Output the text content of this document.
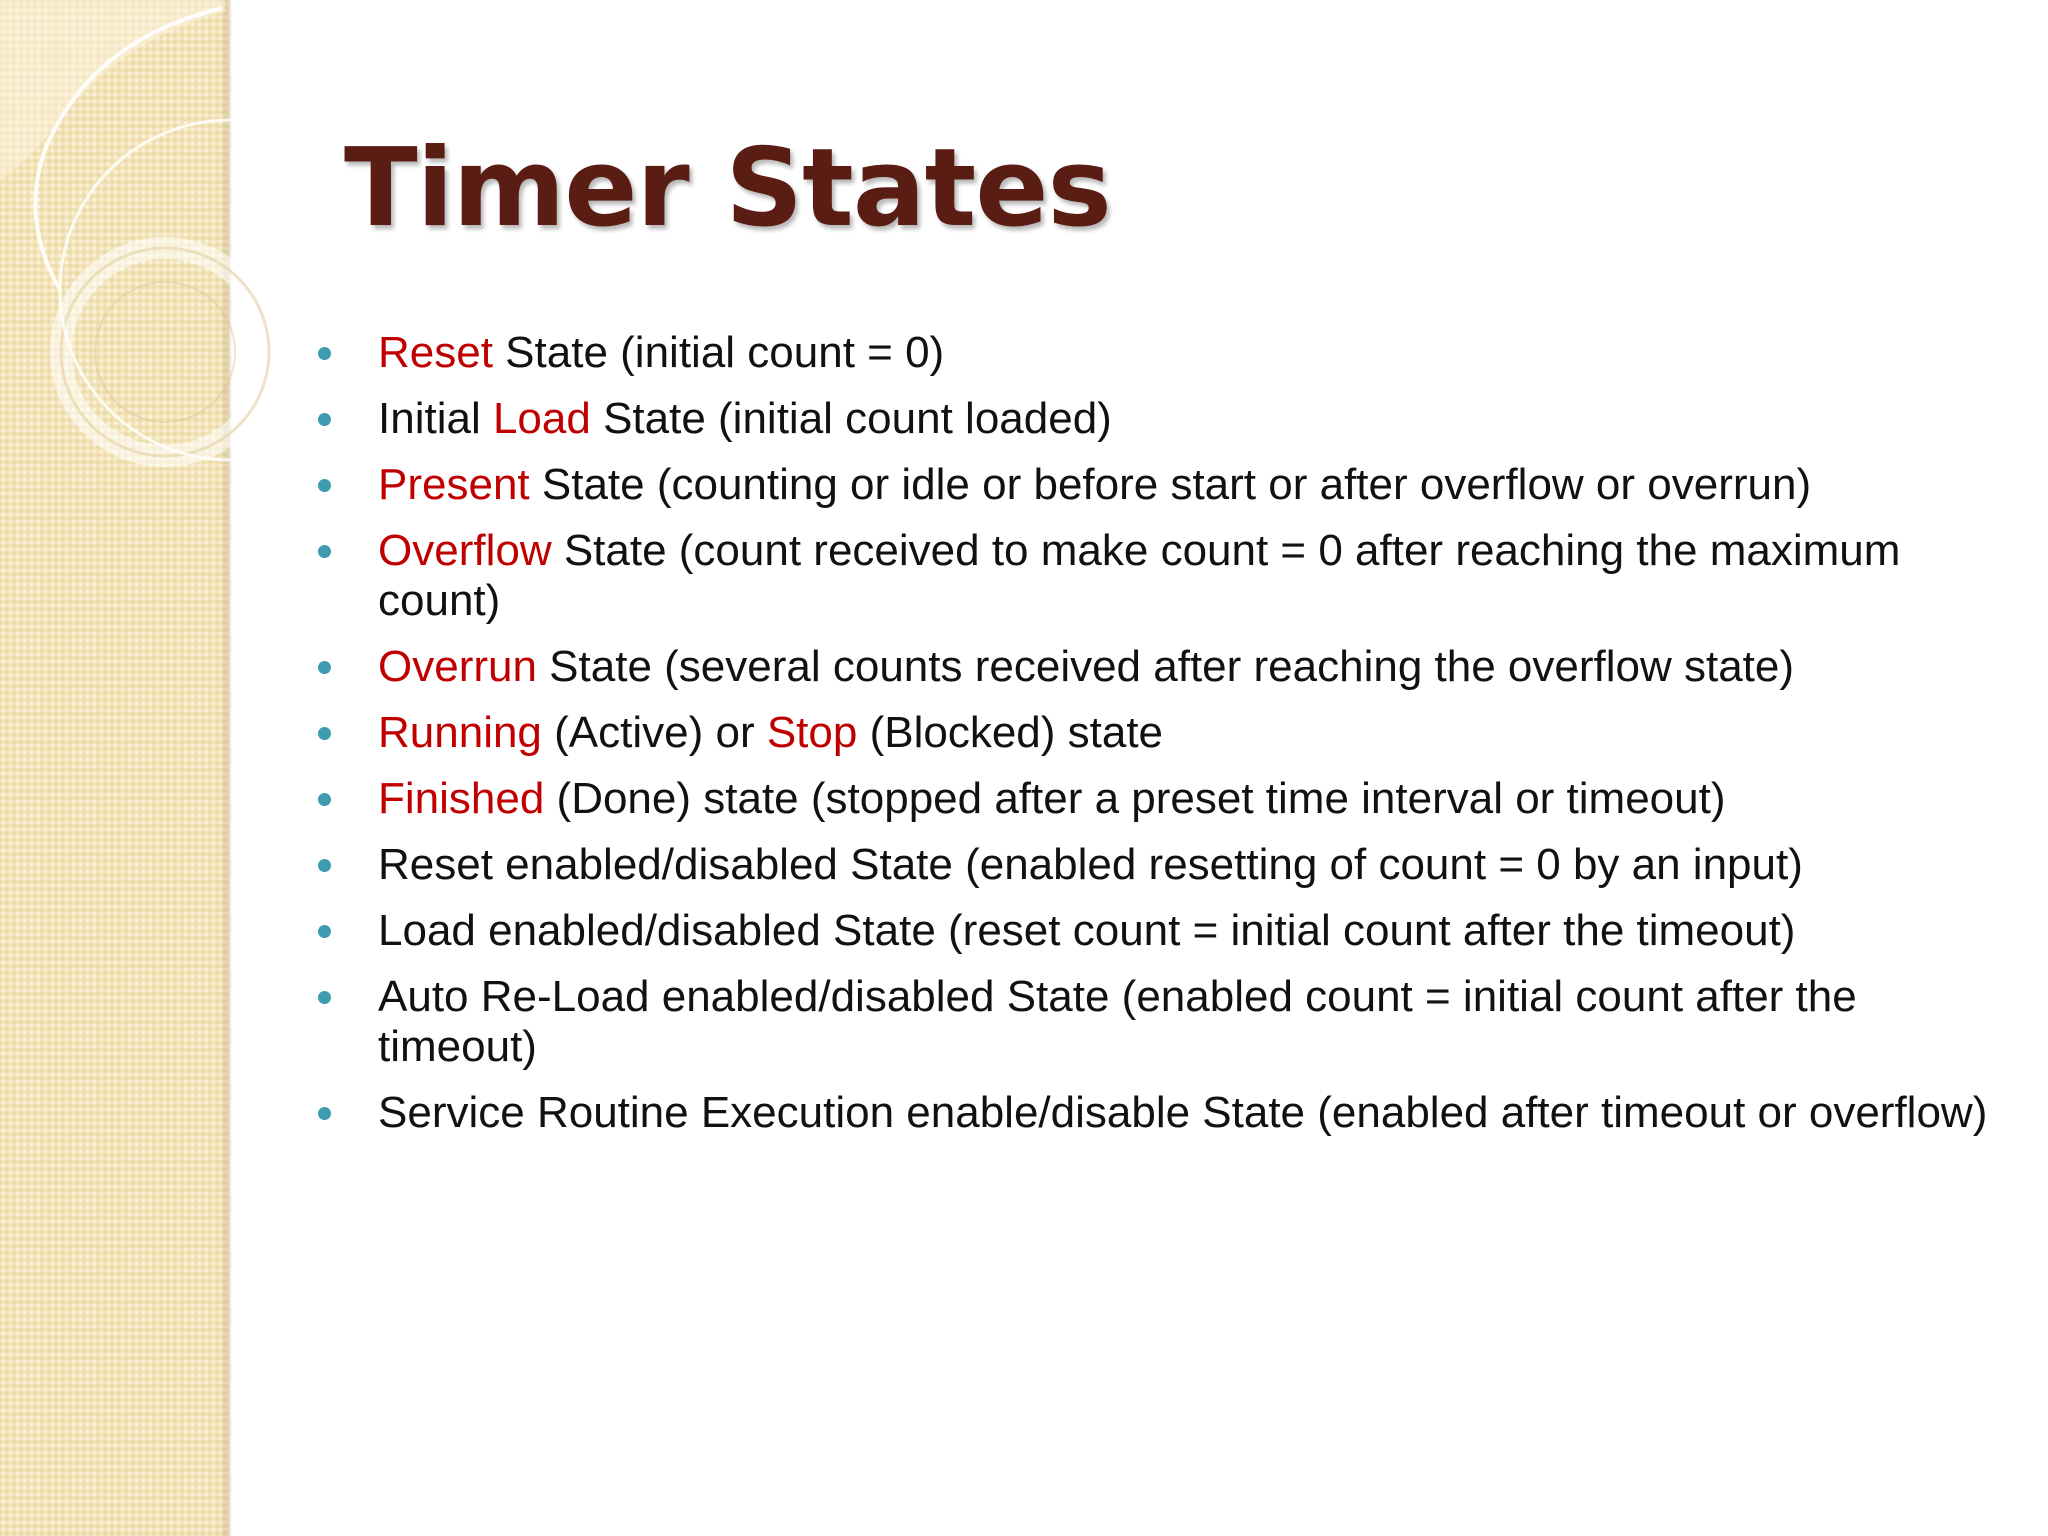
Timer States
Reset State (initial count = 0)
Initial Load State (initial count loaded)
Present State (counting or idle or before start or after overflow or overrun)
Overflow State (count received to make count = 0 after reaching the maximum count)
Overrun State (several counts received after reaching the overflow state)
Running (Active) or Stop (Blocked) state
Finished (Done) state (stopped after a preset time interval or timeout)
Reset enabled/disabled State (enabled resetting of count = 0 by an input)
Load enabled/disabled State (reset count = initial count after the timeout)
Auto Re-Load enabled/disabled State (enabled count = initial count after the timeout)
Service Routine Execution enable/disable State (enabled after timeout or overflow)
